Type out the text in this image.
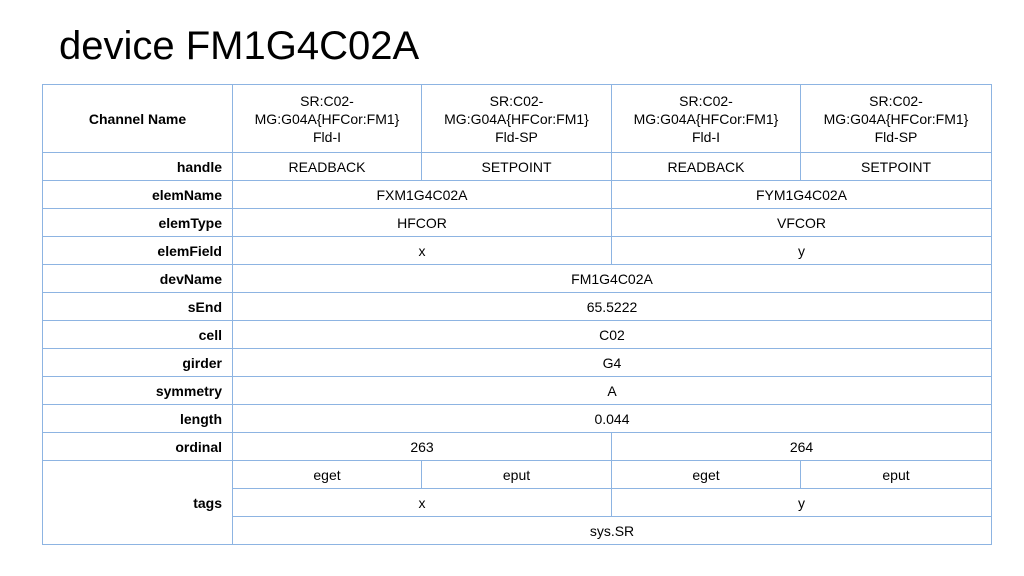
device FM1G4C02A
Channel Name	SR:C02-MG:G04A{HFCor:FM1} Fld-I	SR:C02-MG:G04A{HFCor:FM1} Fld-SP	SR:C02-MG:G04A{HFCor:FM1} Fld-I	SR:C02-MG:G04A{HFCor:FM1} Fld-SP
handle	READBACK	SETPOINT	READBACK	SETPOINT
elemName	FXM1G4C02A		FYM1G4C02A	
elemType	HFCOR		VFCOR	
elemField	x		y	
devName	FM1G4C02A			
sEnd	65.5222			
cell	C02			
girder	G4			
symmetry	A			
length	0.044			
ordinal	263		264	
tags	eget	eput	eget	eput
	x		y	
	sys.SR			
